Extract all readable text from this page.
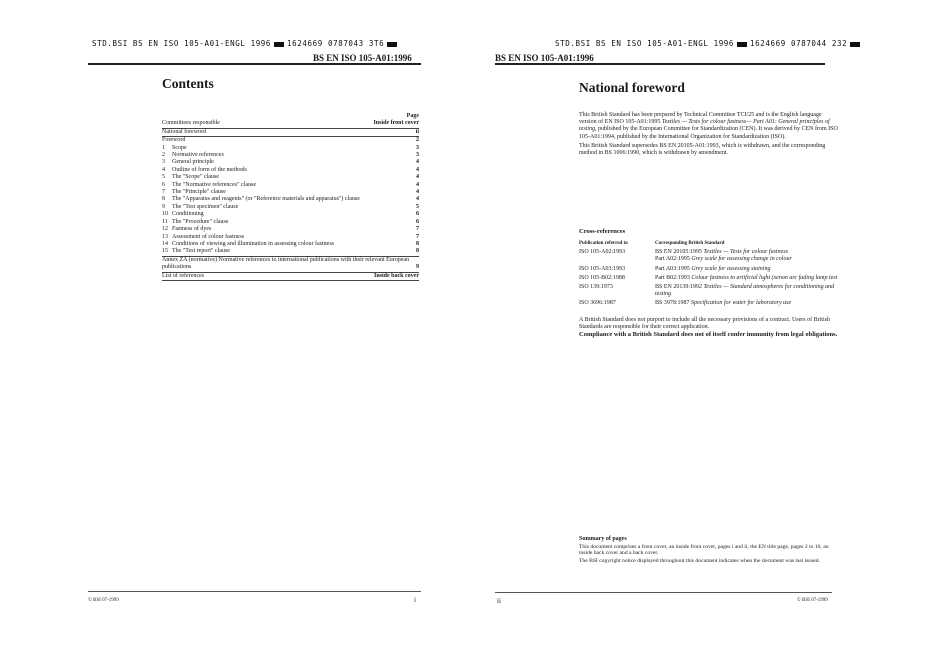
STD.BSI BS EN ISO 105-A01-ENGL 1996 1624669 0787043 3T6
BS EN ISO 105-A01:1996
Contents
Page
Committees responsible	Inside front cover
National foreword	ii
Foreword	2
1	Scope	3
2	Normative references	3
3	General principle	4
4	Outline of form of the methods	4
5	The "Scope" clause	4
6	The "Normative references" clause	4
7	The "Principle" clause	4
8	The "Apparatus and reagents" (or "Reference materials and apparatus") clause	4
9	The "Test specimen" clause	5
10 Conditioning	6
11 The "Procedure" clause	6
12 Fastness of dyes	7
13 Assessment of colour fastness	7
14 Conditions of viewing and illumination in assessing colour fastness	8
15 The "Test report" clause	8
Annex ZA (normative) Normative references to international publications with their relevant European publications	9
List of references	Inside back cover
© BSI 07-1999	i
STD.BSI BS EN ISO 105-A01-ENGL 1996 1624669 0787044 232
BS EN ISO 105-A01:1996
National foreword

This British Standard has been prepared by Technical Committee TCI/25 and is the English language version of EN ISO 105-A01:1995 Textiles — Tests for colour fastness— Part A01: General principles of testing, published by the European Committee for Standardization (CEN). It was derived by CEN from ISO 105-A01:1994, published by the International Organization for Standardization (ISO).

This British Standard supersedes BS EN 20105-A01:1993, which is withdrawn, and the corresponding method in BS 1006:1990, which is withdrawn by amendment.

Cross-references
Publication referred to	Corresponding British Standard
ISO 105-A02:1993	BS EN 20105:1995 Textiles — Tests for colour fastness
Part A02:1995 Grey scale for assessing change in colour
ISO 105-A03:1993	Part A03:1995 Grey scale for assessing staining
ISO 105-B02:1988	Part B02:1993 Colour fastness to artificial light (xenon arc fading lamp test
ISO 139:1973	BS EN 20139:1992 Textiles — Standard atmospheres for conditioning and testing
ISO 3696:1987	BS 3978:1987 Specification for water for laboratory use
A British Standard does not purport to include all the necessary provisions of a contract. Users of British Standards are responsible for their correct application.
Compliance with a British Standard does not of itself confer immunity from legal obligations.
Summary of pages

This document comprises a front cover, an inside front cover, pages i and ii, the EN title page, pages 2 to 10, an inside back cover and a back cover.

The BSI copyright notice displayed throughout this document indicates when the document was last issued.

ii	© BSI 07-1999
